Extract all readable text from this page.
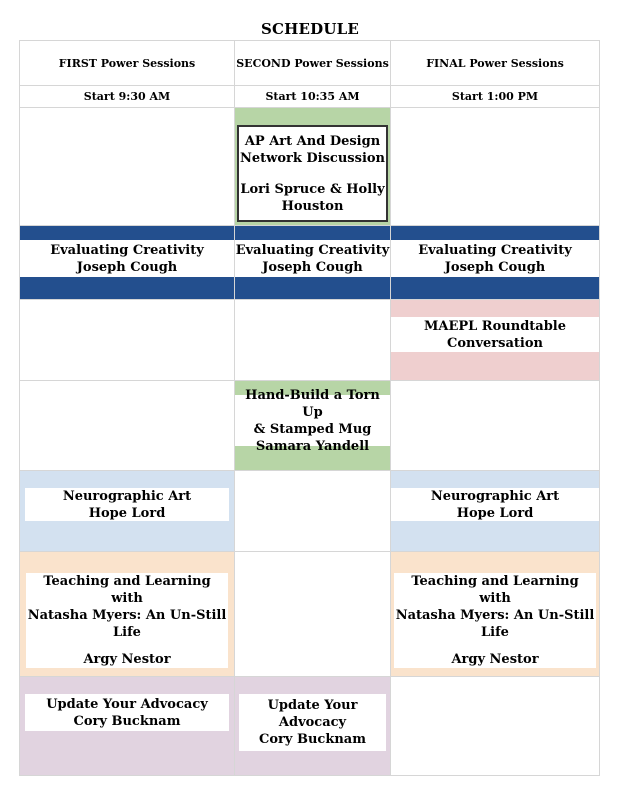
SCHEDULE
FIRST Power Sessions	SECOND Power Sessions	FINAL Power Sessions
Start 9:30 AM	Start 10:35 AM	Start 1:00 PM

	AP Art And Design
Network Discussion
Lori Spruce & Holly
Houston	

Evaluating Creativity
Joseph Cough	Evaluating Creativity
Joseph Cough	Evaluating Creativity
Joseph Cough

		MAEPL Roundtable
Conversation

	Hand-Build a Torn Up
& Stamped Mug
Samara Yandell	

Neurographic Art
Hope Lord		Neurographic Art
Hope Lord

Teaching and Learning with
Natasha Myers: An Un-Still
Life
Argy Nestor		Teaching and Learning with
Natasha Myers: An Un-Still
Life
Argy Nestor

Update Your Advocacy
Cory Bucknam	Update Your
Advocacy
Cory Bucknam	
